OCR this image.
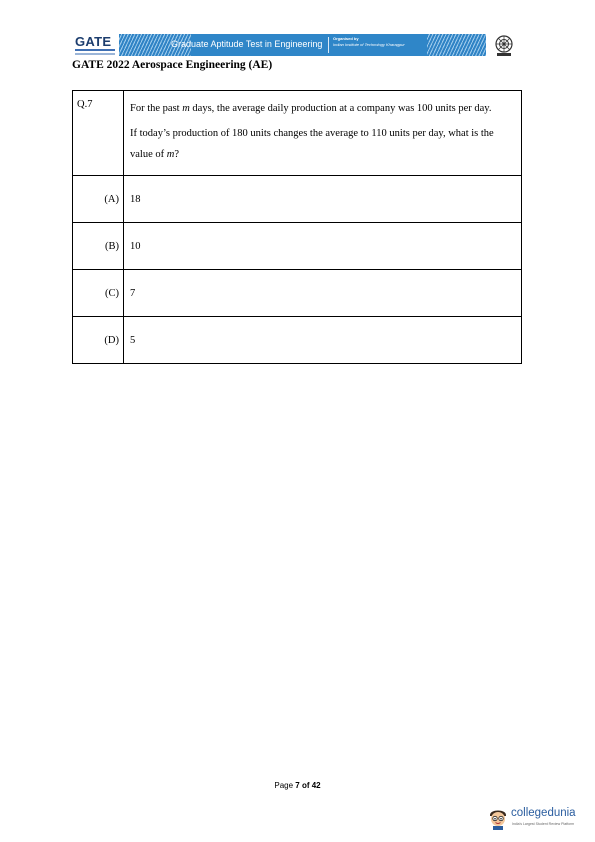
GATE	Graduate Aptitude Test in Engineering
Organised by
Indian Institute of Technology Kharagpur
GATE 2022 Aerospace Engineering (AE)
Q.7	For the past m days, the average daily production at a company was 100 units per day.

If today’s production of 180 units changes the average to 110 units per day, what is the value of m?

(A)	18
(B)	10
(C)	7
(D)	5
Page 7 of 42
collegedunia
India's Largest Student Review Platform
